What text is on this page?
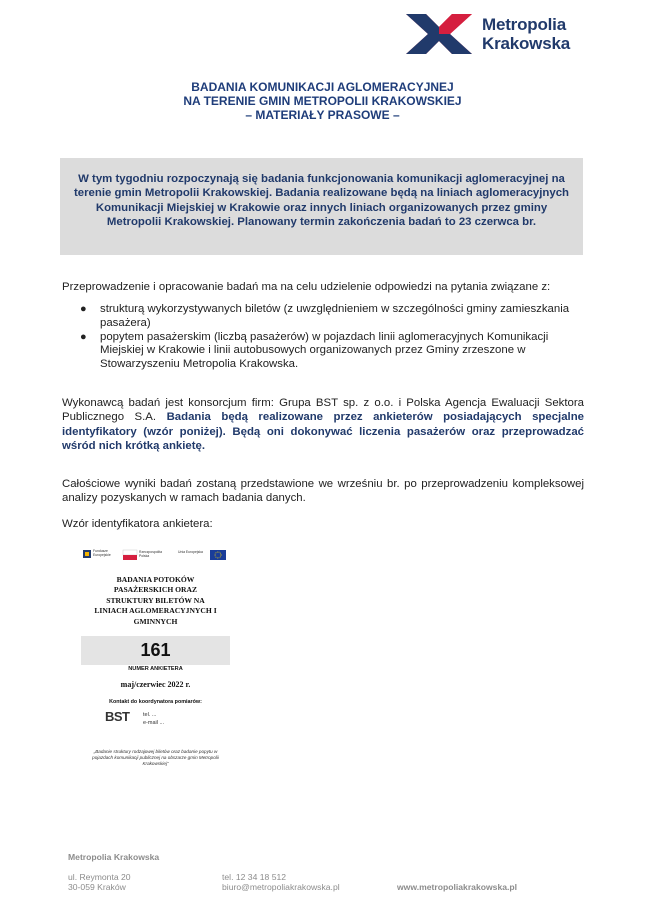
Metropolia
Krakowska
BADANIA KOMUNIKACJI AGLOMERACYJNEJ
NA TERENIE GMIN METROPOLII KRAKOWSKIEJ
– MATERIAŁY PRASOWE –
W tym tygodniu rozpoczynają się badania funkcjonowania komunikacji aglomeracyjnej na terenie gmin Metropolii Krakowskiej. Badania realizowane będą na liniach aglomeracyjnych Komunikacji Miejskiej w Krakowie oraz innych liniach organizowanych przez gminy Metropolii Krakowskiej. Planowany termin zakończenia badań to 23 czerwca br.
Przeprowadzenie i opracowanie badań ma na celu udzielenie odpowiedzi na pytania związane z:
● strukturą wykorzystywanych biletów (z uwzględnieniem w szczególności gminy zamieszkania pasażera)
● popytem pasażerskim (liczbą pasażerów) w pojazdach linii aglomeracyjnych Komunikacji Miejskiej w Krakowie i linii autobusowych organizowanych przez Gminy zrzeszone w Stowarzyszeniu Metropolia Krakowska.
Wykonawcą badań jest konsorcjum firm: Grupa BST sp. z o.o. i Polska Agencja Ewaluacji Sektora Publicznego S.A. Badania będą realizowane przez ankieterów posiadających specjalne identyfikatory (wzór poniżej). Będą oni dokonywać liczenia pasażerów oraz przeprowadzać wśród nich krótką ankietę.
Całościowe wyniki badań zostaną przedstawione we wrześniu br. po przeprowadzeniu kompleksowej analizy pozyskanych w ramach badania danych.
Wzór identyfikatora ankietera:
Fundusze Europejskie
Rzeczpospolita Polska
Unia Europejska
BADANIA POTOKÓW PASAŻERSKICH ORAZ STRUKTURY BILETÓW NA LINIACH AGLOMERACYJNYCH I GMINNYCH
161
NUMER ANKIETERA
maj/czerwiec 2022 r.
Kontakt do koordynatora pomiarów:
BST tel. ...
e-mail ...
„Badanie struktury rodzajowej biletów oraz badanie popytu w pojazdach komunikacji publicznej na obszarze gmin Metropolii Krakowskiej”
Metropolia Krakowska
ul. Reymonta 20
30-059 Kraków
tel. 12 34 18 512
biuro@metropoliakrakowska.pl	www.metropoliakrakowska.pl
